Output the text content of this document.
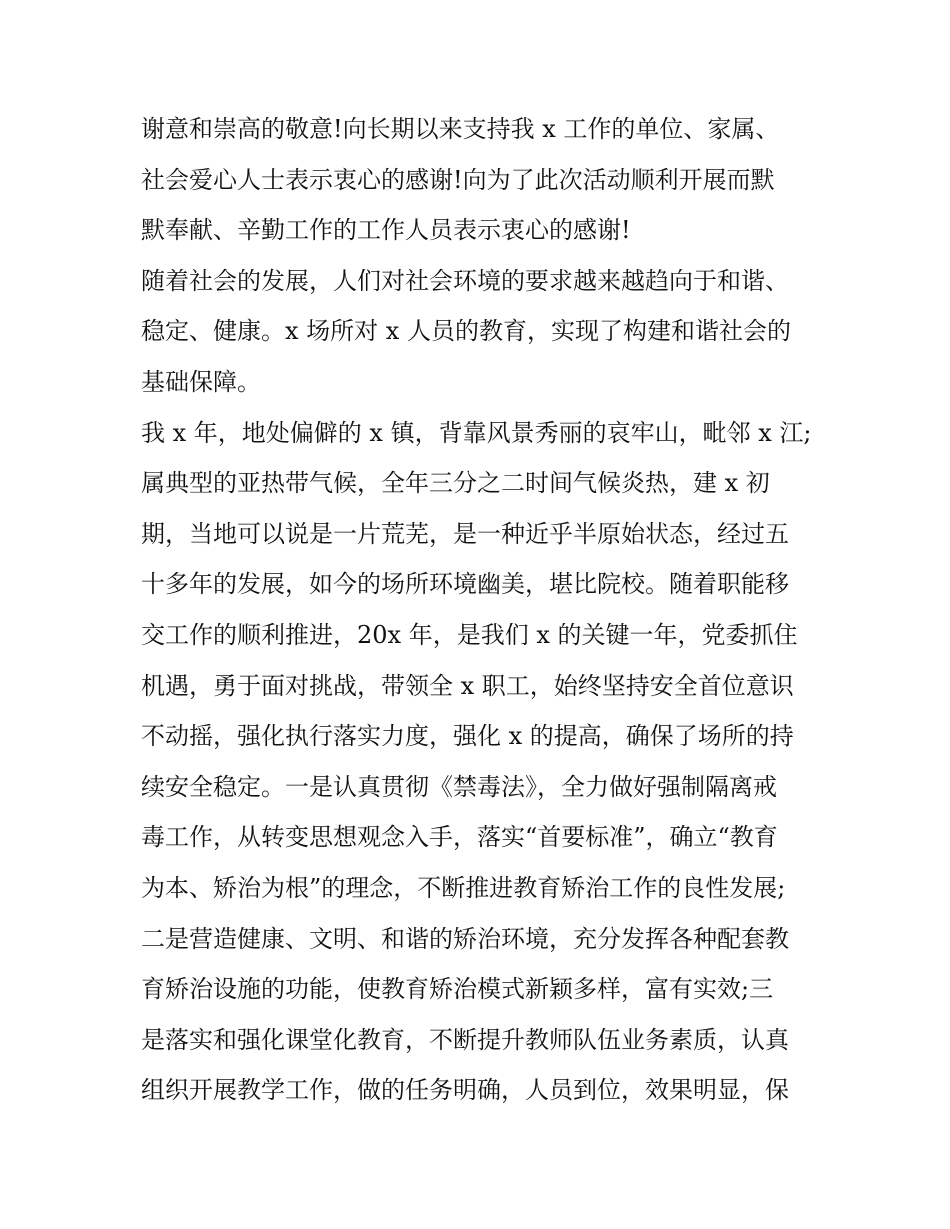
谢意和崇高的敬意!向长期以来支持我 x 工作的单位、家属、
社会爱心人士表示衷心的感谢!向为了此次活动顺利开展而默
默奉献、辛勤工作的工作人员表示衷心的感谢!
随着社会的发展，人们对社会环境的要求越来越趋向于和谐、
稳定、健康。x 场所对 x 人员的教育，实现了构建和谐社会的
基础保障。
我 x 年，地处偏僻的 x 镇，背靠风景秀丽的哀牢山，毗邻 x 江;
属典型的亚热带气候，全年三分之二时间气候炎热，建 x 初
期，当地可以说是一片荒芜，是一种近乎半原始状态，经过五
十多年的发展，如今的场所环境幽美，堪比院校。随着职能移
交工作的顺利推进，20x 年，是我们 x 的关键一年，党委抓住
机遇，勇于面对挑战，带领全 x 职工，始终坚持安全首位意识
不动摇，强化执行落实力度，强化 x 的提高，确保了场所的持
续安全稳定。一是认真贯彻《禁毒法》，全力做好强制隔离戒
毒工作，从转变思想观念入手，落实“首要标准”，确立“教育
为本、矫治为根”的理念，不断推进教育矫治工作的良性发展;
二是营造健康、文明、和谐的矫治环境，充分发挥各种配套教
育矫治设施的功能，使教育矫治模式新颖多样，富有实效;三
是落实和强化课堂化教育，不断提升教师队伍业务素质，认真
组织开展教学工作，做的任务明确，人员到位，效果明显，保
